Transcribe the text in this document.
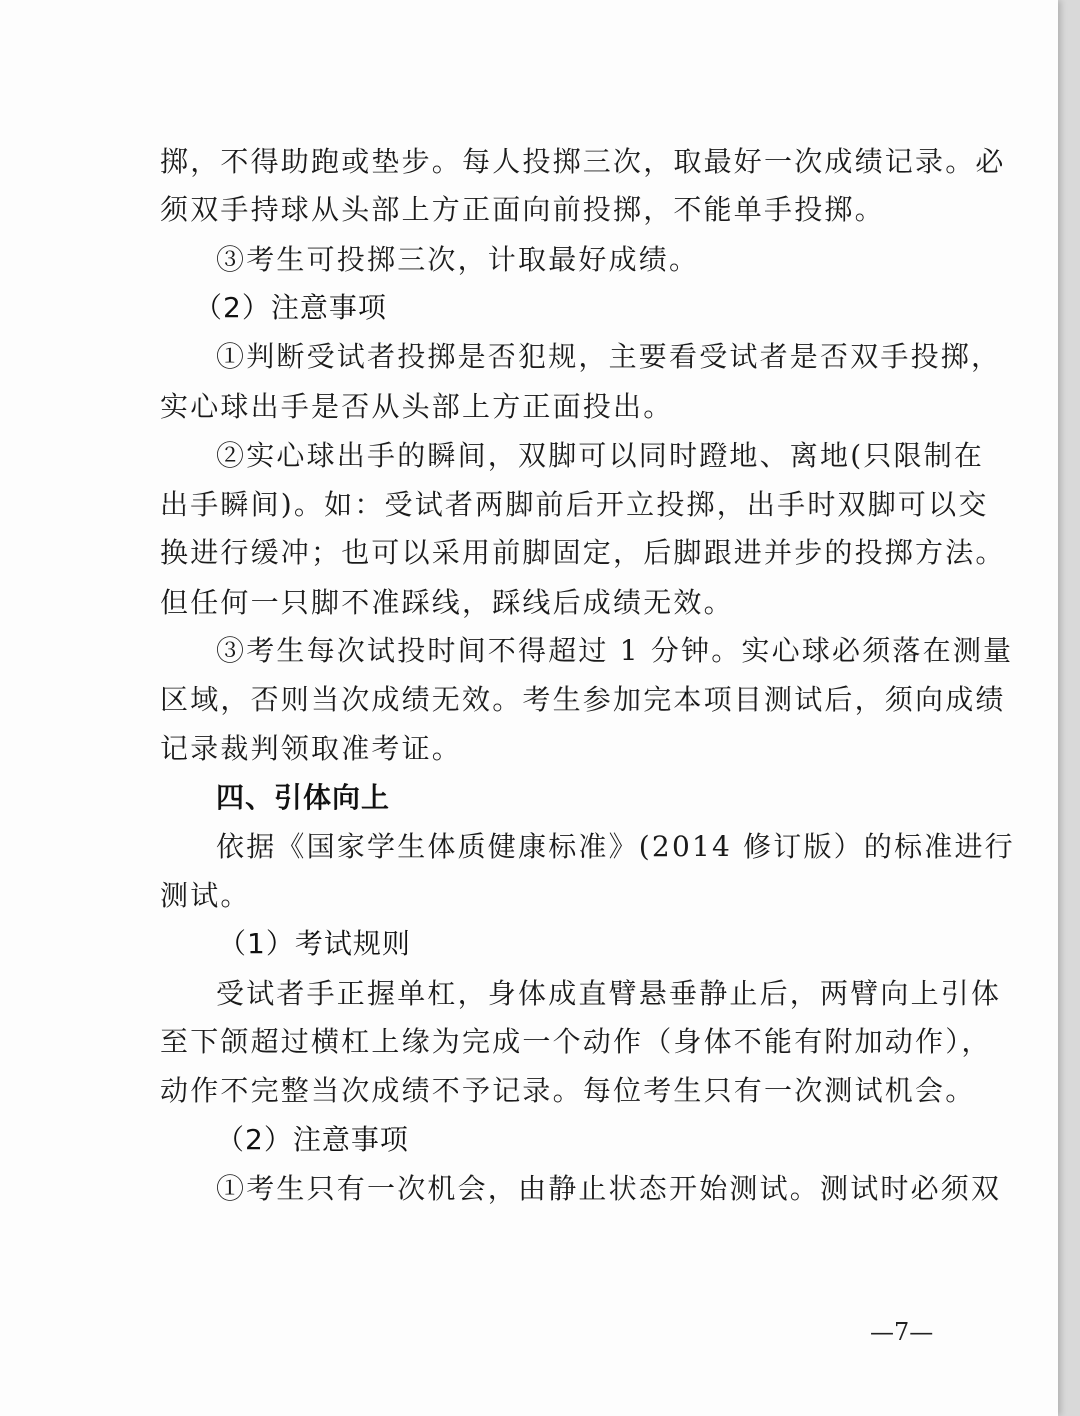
掷，不得助跑或垫步。每人投掷三次，取最好一次成绩记录。必
须双手持球从头部上方正面向前投掷，不能单手投掷。
③考生可投掷三次，计取最好成绩。
（2）注意事项
①判断受试者投掷是否犯规，主要看受试者是否双手投掷，
实心球出手是否从头部上方正面投出。
②实心球出手的瞬间，双脚可以同时蹬地、离地(只限制在
出手瞬间)。如：受试者两脚前后开立投掷，出手时双脚可以交
换进行缓冲；也可以采用前脚固定，后脚跟进并步的投掷方法。
但任何一只脚不准踩线，踩线后成绩无效。
③考生每次试投时间不得超过 1 分钟。实心球必须落在测量
区域，否则当次成绩无效。考生参加完本项目测试后，须向成绩
记录裁判领取准考证。
四、引体向上
依据《国家学生体质健康标准》(2014 修订版）的标准进行
测试。
（1）考试规则
受试者手正握单杠，身体成直臂悬垂静止后，两臂向上引体
至下颌超过横杠上缘为完成一个动作（身体不能有附加动作），
动作不完整当次成绩不予记录。每位考生只有一次测试机会。
（2）注意事项
①考生只有一次机会，由静止状态开始测试。测试时必须双
—7—
